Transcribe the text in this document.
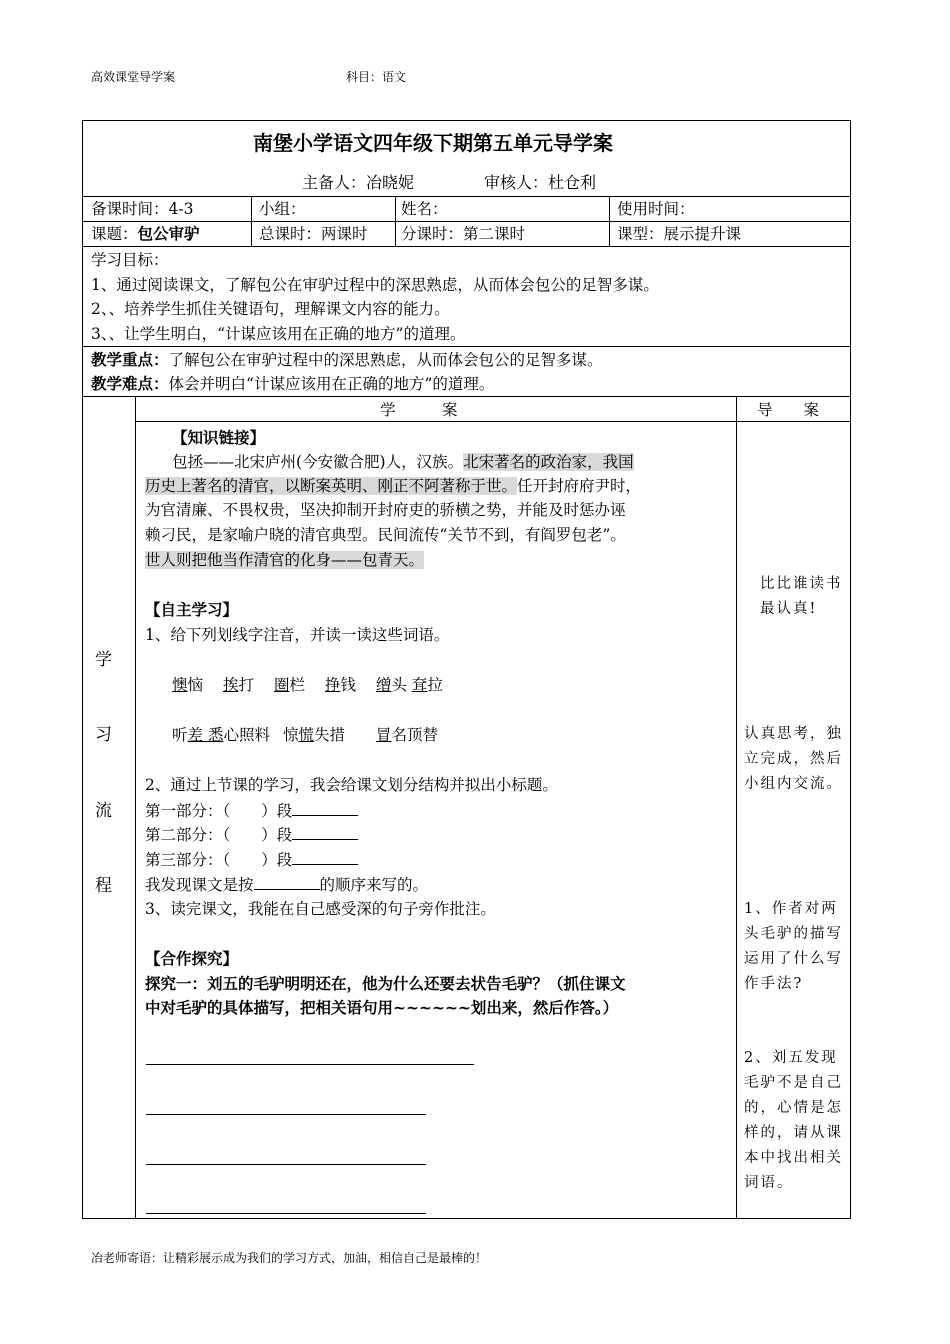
高效课堂导学案	科目：语文
南堡小学语文四年级下期第五单元导学案
主备人：冶晓妮	审核人：杜仓利
备课时间：4-3	小组：	姓名：	使用时间：
课题：包公审驴	总课时：两课时 分课时：第二课时	课型：展示提升课
学习目标：
1、通过阅读课文，了解包公在审驴过程中的深思熟虑，从而体会包公的足智多谋。
2、、培养学生抓住关键语句，理解课文内容的能力。
3、、让学生明白，“计谋应该用在正确的地方”的道理。
教学重点：了解包公在审驴过程中的深思熟虑，从而体会包公的足智多谋。
教学难点：体会并明白“计谋应该用在正确的地方”的道理。
学　　　案	导　　案
学
习
流
程
【知识链接】
包拯——北宋庐州(今安徽合肥)人，汉族。北宋著名的政治家，我国
历史上著名的清官，以断案英明、刚正不阿著称于世。任开封府府尹时，
为官清廉、不畏权贵，坚决抑制开封府吏的骄横之势，并能及时惩办诬
赖刁民，是家喻户晓的清官典型。民间流传“关节不到，有阎罗包老”。
世人则把他当作清官的化身——包青天。
【自主学习】
1、给下列划线字注音，并读一读这些词语。
懊恼 挨打 圈栏 挣钱 缯头 耷拉
听差 悉心照料 惊慌失措 冒名顶替
2、通过上节课的学习，我会给课文划分结构并拟出小标题。
第一部分：（　　）段
第二部分：（　　）段
第三部分：（　　）段
我发现课文是按	的顺序来写的。
3、读完课文，我能在自己感受深的句子旁作批注。
【合作探究】
探究一：刘五的毛驴明明还在，他为什么还要去状告毛驴？（抓住课文
中对毛驴的具体描写，把相关语句用~~~~~~划出来，然后作答。）
比比谁读书最认真!
认真思考，独立完成，然后小组内交流。
1、作者对两头毛驴的描写运用了什么写作手法?
2、刘五发现毛驴不是自己的，心情是怎样的，请从课本中找出相关词语。
冶老师寄语：让精彩展示成为我们的学习方式，加油，相信自己是最棒的！
